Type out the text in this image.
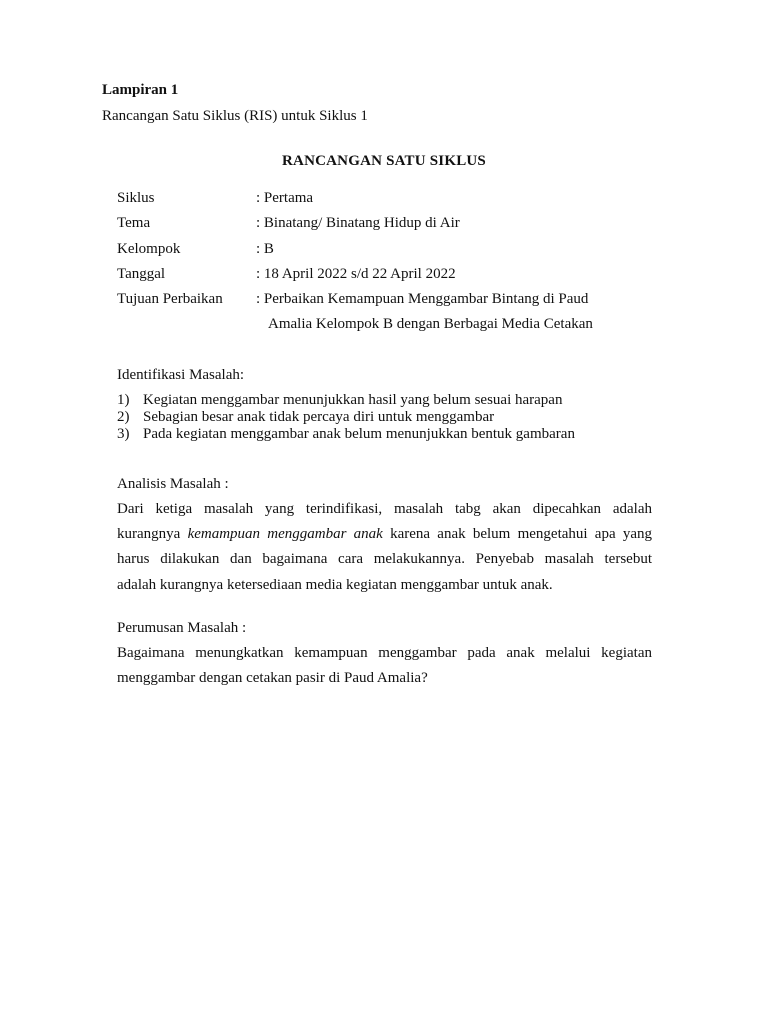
Lampiran 1
Rancangan Satu Siklus (RIS) untuk Siklus 1
RANCANGAN SATU SIKLUS
Siklus	: Pertama
Tema	: Binatang/ Binatang Hidup di Air
Kelompok	: B
Tanggal	: 18 April 2022 s/d 22 April 2022
Tujuan Perbaikan : Perbaikan Kemampuan Menggambar Bintang di Paud
Amalia Kelompok B dengan Berbagai Media Cetakan
Identifikasi Masalah:
1) Kegiatan menggambar menunjukkan hasil yang belum sesuai harapan
2) Sebagian besar anak tidak percaya diri untuk menggambar
3) Pada kegiatan menggambar anak belum menunjukkan bentuk gambaran
Analisis Masalah :
Dari ketiga masalah yang terindifikasi, masalah tabg akan dipecahkan adalah
kurangnya kemampuan menggambar anak karena anak belum mengetahui apa yang
harus dilakukan dan bagaimana cara melakukannya. Penyebab masalah tersebut
adalah kurangnya ketersediaan media kegiatan menggambar untuk anak.
Perumusan Masalah :
Bagaimana menungkatkan kemampuan menggambar pada anak melalui kegiatan
menggambar dengan cetakan pasir di Paud Amalia?
